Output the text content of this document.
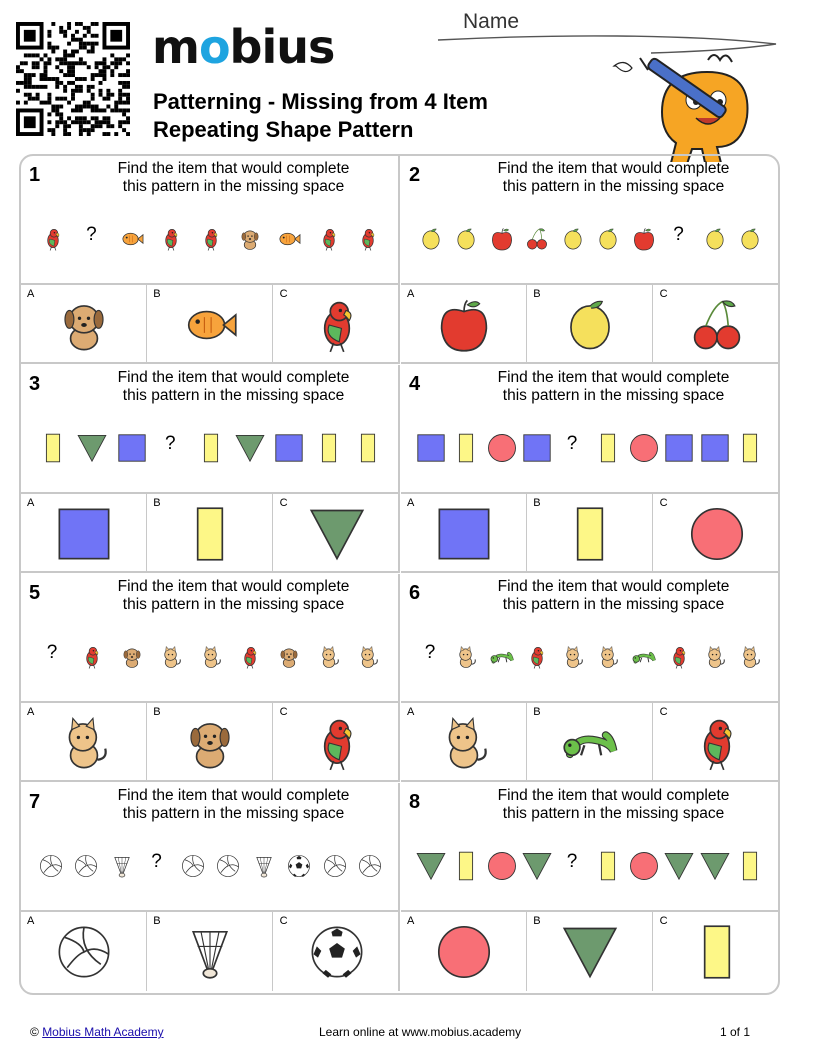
mobius
Patterning - Missing from 4 Item
Repeating Shape Pattern
Name
1	Find the item that would complete
this pattern in the missing space
?
A	B	C
2	Find the item that would complete
this pattern in the missing space
?
A	B	C
3	Find the item that would complete
this pattern in the missing space
?
A	B	C
4	Find the item that would complete
this pattern in the missing space
?
A	B	C
5	Find the item that would complete
this pattern in the missing space
?
A	B	C
6	Find the item that would complete
this pattern in the missing space
?
A	B	C
7	Find the item that would complete
this pattern in the missing space
?
A	B	C
8	Find the item that would complete
this pattern in the missing space
?
A	B	C
© Mobius Math Academy	Learn online at www.mobius.academy	1 of 1
